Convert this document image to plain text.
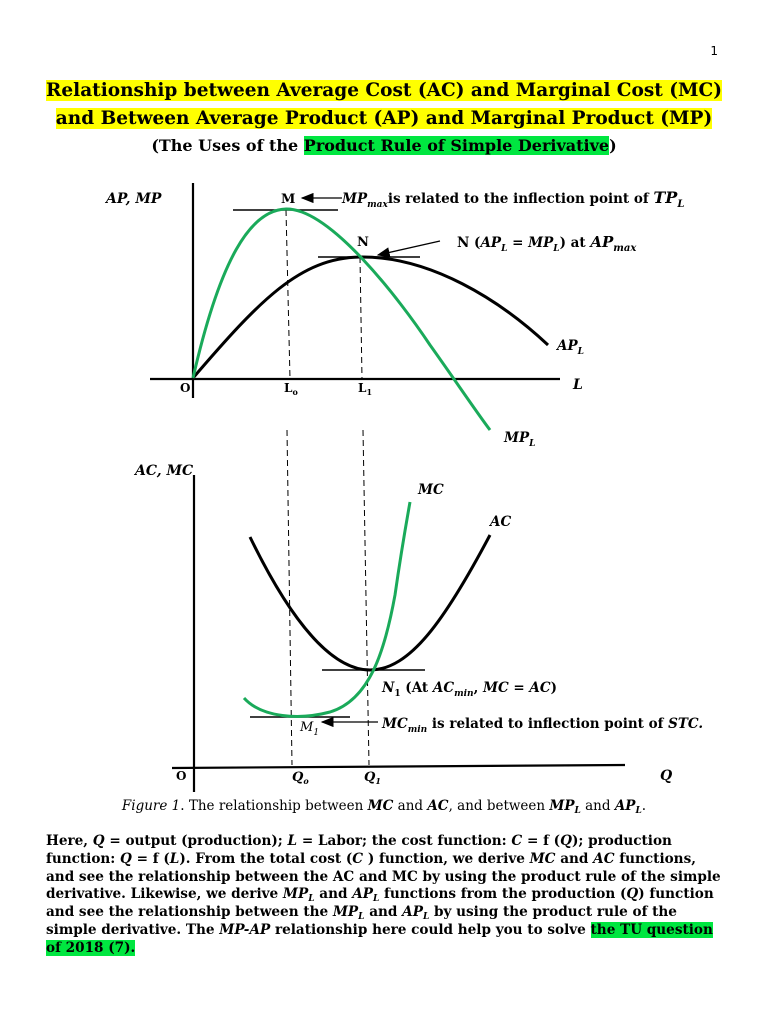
1
Relationship between Average Cost (AC) and Marginal Cost (MC)
and Between Average Product (AP) and Marginal Product (MP)
(The Uses of the Product Rule of Simple Derivative)
AP, MP
L
O	$L_o$	$L_1$
M	$MP_{max}is$ related to the inflection point of $TP_L$
N	N $(AP_L = MP_L)$ at $AP_{max}$
$AP_L$
$MP_L$
AC, MC
Q
O	$Q_o$	$Q_1$
MC
AC
$N_1$ (At $AC_{min}$, MC = AC)
$M_1$
$MC_{min}$ is related to inflection point of STC.
Figure 1. The relationship between MC and AC, and between $MP_L$ and $AP_L$.
Here, Q = output (production); L = Labor; the cost function: C = f (Q); production function: Q = f (L). From the total cost (C ) function, we derive MC and AC functions, and see the relationship between the AC and MC by using the product rule of the simple derivative. Likewise, we derive $MP_L$ and $AP_L$ functions from the production (Q) function and see the relationship between the $MP_L$ and $AP_L$ by using the product rule of the simple derivative. The MP-AP relationship here could help you to solve the TU question of 2018 (7).
